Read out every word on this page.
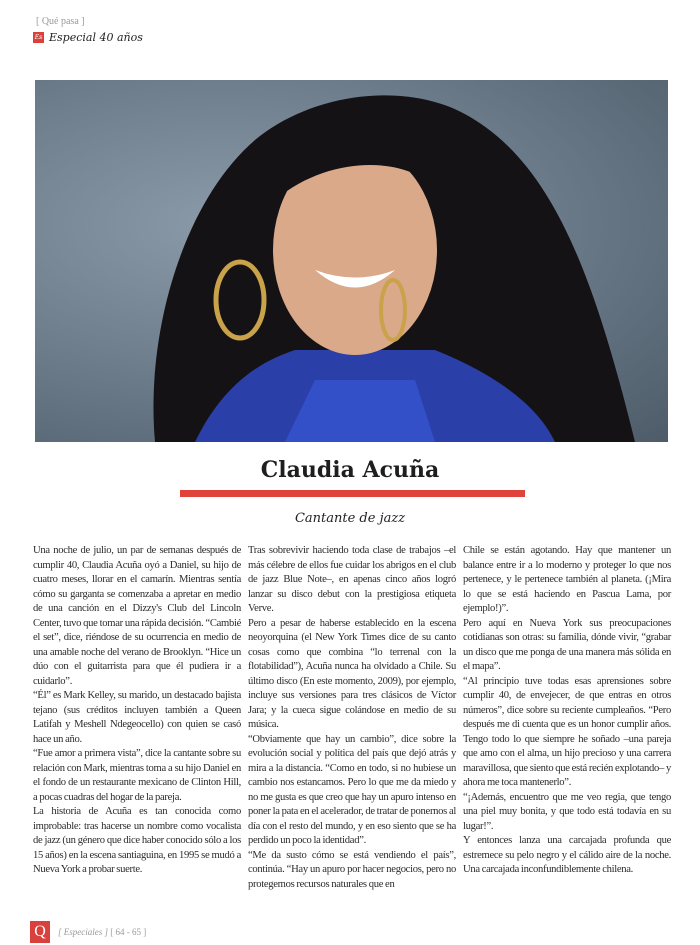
[ Qué pasa ]
Es Especial 40 años
Claudia Acuña
Cantante de jazz

Una noche de julio, un par de semanas después de cumplir 40, Claudia Acuña oyó a Daniel, su hijo de cuatro meses, llorar en el camarín. Mientras sentía cómo su garganta se comenzaba a apretar en medio de una canción en el Dizzy's Club del Lincoln Center, tuvo que tomar una rápida decisión. “Cambié el set”, dice, riéndose de su ocurrencia en medio de una amable noche del verano de Brooklyn. “Hice un dúo con el guitarrista para que él pudiera ir a cuidarlo”.

“Él” es Mark Kelley, su marido, un destacado bajista tejano (sus créditos incluyen también a Queen Latifah y Meshell Ndegeocello) con quien se casó hace un año.

“Fue amor a primera vista”, dice la cantante sobre su relación con Mark, mientras toma a su hijo Daniel en el fondo de un restaurante mexicano de Clinton Hill, a pocas cuadras del hogar de la pareja.

La historia de Acuña es tan conocida como improbable: tras hacerse un nombre como vocalista de jazz (un género que dice haber conocido sólo a los 15 años) en la escena santiaguina, en 1995 se mudó a Nueva York a probar suerte.

Tras sobrevivir haciendo toda clase de trabajos –el más célebre de ellos fue cuidar los abrigos en el club de jazz Blue Note–, en apenas cinco años logró lanzar su disco debut con la prestigiosa etiqueta Verve.

Pero a pesar de haberse establecido en la escena neoyorquina (el New York Times dice de su canto cosas como que combina “lo terrenal con la flotabilidad”), Acuña nunca ha olvidado a Chile. Su último disco (En este momento, 2009), por ejemplo, incluye sus versiones para tres clásicos de Víctor Jara; y la cueca sigue colándose en medio de su música.

“Obviamente que hay un cambio”, dice sobre la evolución social y política del país que dejó atrás y mira a la distancia. “Como en todo, si no hubiese un cambio nos estancamos. Pero lo que me da miedo y no me gusta es que creo que hay un apuro intenso en poner la pata en el acelerador, de tratar de ponernos al día con el resto del mundo, y en eso siento que se ha perdido un poco la identidad”.

“Me da susto cómo se está vendiendo el país”, continúa. “Hay un apuro por hacer negocios, pero no protegemos recursos naturales que en

Chile se están agotando. Hay que mantener un balance entre ir a lo moderno y proteger lo que nos pertenece, y le pertenece también al planeta. (¡Mira lo que se está haciendo en Pascua Lama, por ejemplo!)”.

Pero aquí en Nueva York sus preocupaciones cotidianas son otras: su familia, dónde vivir, “grabar un disco que me ponga de una manera más sólida en el mapa”.

“Al principio tuve todas esas aprensiones sobre cumplir 40, de envejecer, de que entras en otros números”, dice sobre su reciente cumpleaños. “Pero después me di cuenta que es un honor cumplir años. Tengo todo lo que siempre he soñado –una pareja que amo con el alma, un hijo precioso y una carrera maravillosa, que siento que está recién explotando– y ahora me toca mantenerlo”.

“¡Además, encuentro que me veo regia, que tengo una piel muy bonita, y que todo está todavía en su lugar!”.

Y entonces lanza una carcajada profunda que estremece su pelo negro y el cálido aire de la noche. Una carcajada inconfundiblemente chilena.

Q	[ Especiales ] [ 64 - 65 ]
